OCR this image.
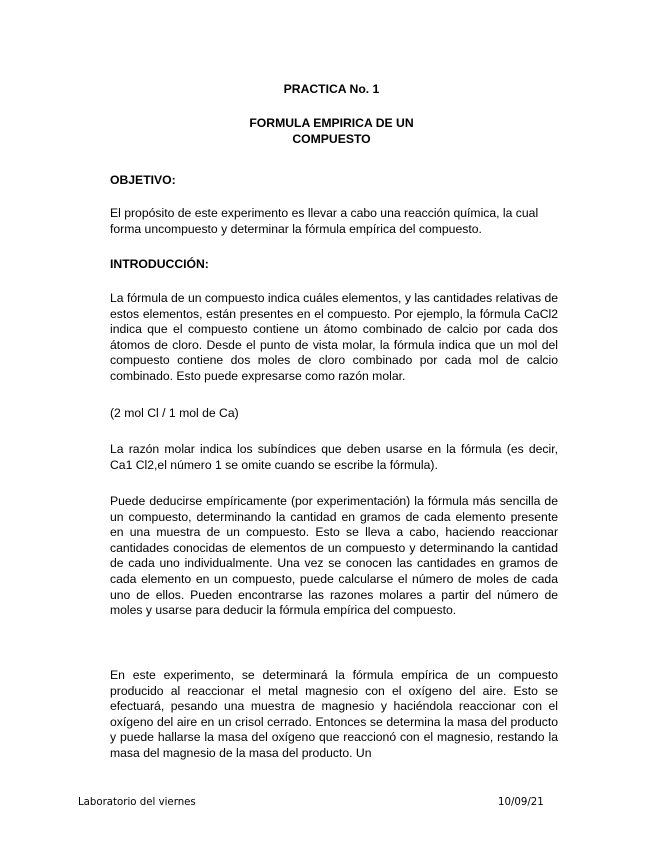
PRACTICA No. 1
FORMULA EMPIRICA DE UN
COMPUESTO
OBJETIVO:

El propósito de este experimento es llevar a cabo una reacción química, la cual forma uncompuesto y determinar la fórmula empírica del compuesto.

INTRODUCCIÓN:

La fórmula de un compuesto indica cuáles elementos, y las cantidades relativas de estos elementos, están presentes en el compuesto. Por ejemplo, la fórmula CaCl2 indica que el compuesto contiene un átomo combinado de calcio por cada dos átomos de cloro. Desde el punto de vista molar, la fórmula indica que un mol del compuesto contiene dos moles de cloro combinado por cada mol de calcio combinado. Esto puede expresarse como razón molar.

(2 mol Cl / 1 mol de Ca)

La razón molar indica los subíndices que deben usarse en la fórmula (es decir, Ca1 Cl2,el número 1 se omite cuando se escribe la fórmula).

Puede deducirse empíricamente (por experimentación) la fórmula más sencilla de un compuesto, determinando la cantidad en gramos de cada elemento presente en una muestra de un compuesto. Esto se lleva a cabo, haciendo reaccionar cantidades conocidas de elementos de un compuesto y determinando la cantidad de cada uno individualmente. Una vez se conocen las cantidades en gramos de cada elemento en un compuesto, puede calcularse el número de moles de cada uno de ellos. Pueden encontrarse las razones molares a partir del número de moles y usarse para deducir la fórmula empírica del compuesto.

En este experimento, se determinará la fórmula empírica de un compuesto producido al reaccionar el metal magnesio con el oxígeno del aire. Esto se efectuará, pesando una muestra de magnesio y haciéndola reaccionar con el oxígeno del aire en un crisol cerrado. Entonces se determina la masa del producto y puede hallarse la masa del oxígeno que reaccionó con el magnesio, restando la masa del magnesio de la masa del producto. Un

Laboratorio del viernes	10/09/21
